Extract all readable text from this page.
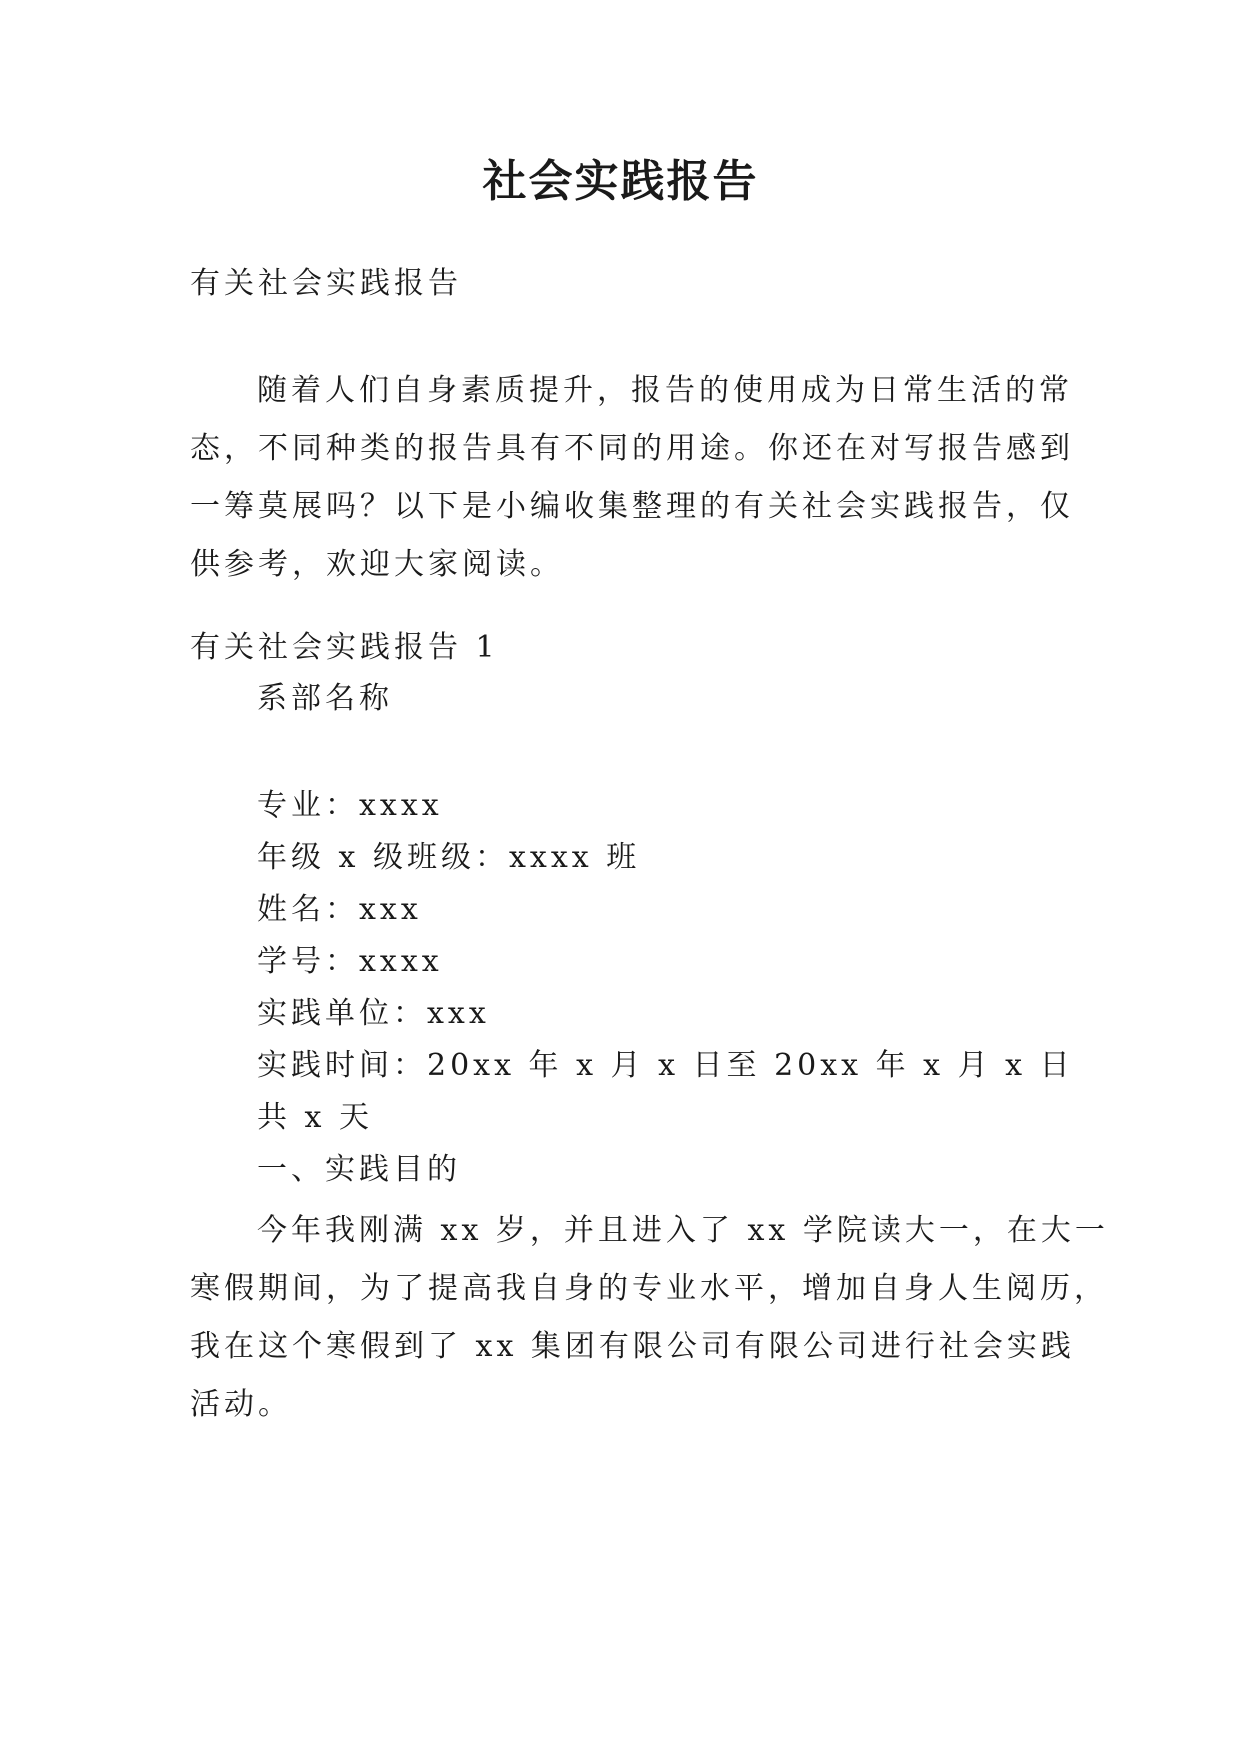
社会实践报告
有关社会实践报告
随着人们自身素质提升，报告的使用成为日常生活的常
态，不同种类的报告具有不同的用途。你还在对写报告感到
一筹莫展吗？以下是小编收集整理的有关社会实践报告，仅
供参考，欢迎大家阅读。
有关社会实践报告 1
系部名称
专业：xxxx
年级 x 级班级：xxxx 班
姓名：xxx
学号：xxxx
实践单位：xxx
实践时间：20xx 年 x 月 x 日至 20xx 年 x 月 x 日
共 x 天
一、实践目的
今年我刚满 xx 岁，并且进入了 xx 学院读大一，在大一
寒假期间，为了提高我自身的专业水平，增加自身人生阅历，
我在这个寒假到了 xx 集团有限公司有限公司进行社会实践
活动。
